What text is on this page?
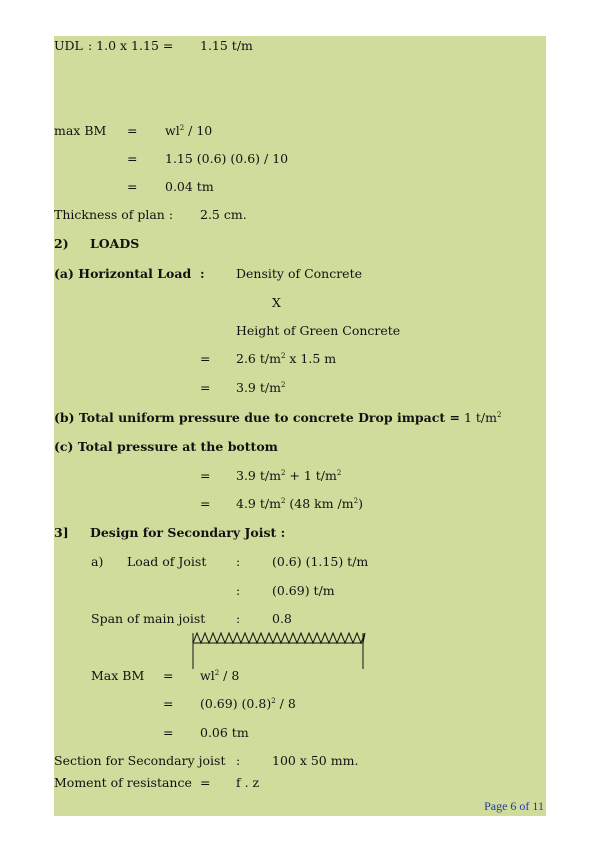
UDL : 1.0 x 1.15 = 1.15 t/m
max BM = $wl^2 / 10$
= 1.15 (0.6) (0.6) / 10
= 0.04 tm
Thickness of plan : 2.5 cm.
2) LOADS
(a) Horizontal Load :	Density of Concrete
X
Height of Green Concrete
= 2.6 $t/m^2$ x 1.5 m
= 3.9 $t/m^2$
(b) Total uniform pressure due to concrete Drop impact = 1 $t/m^2$
(c) Total pressure at the bottom
= 3.9 $t/m^2 + 1$ $t/m^2$
= 4.9 $t/m^2$ (48 km $/m^2$)
3] Design for Secondary Joist :
a) Load of Joist :	(0.6) (1.15) t/m
:	(0.69) t/m
Span of main joist :	0.8
Max BM = $wl^2 / 8$
= (0.69) $(0.8)^2 / 8$
= 0.06 tm
Section for Secondary joist :	100 x 50 mm.
Moment of resistance = f . z
Page 6 of 11
